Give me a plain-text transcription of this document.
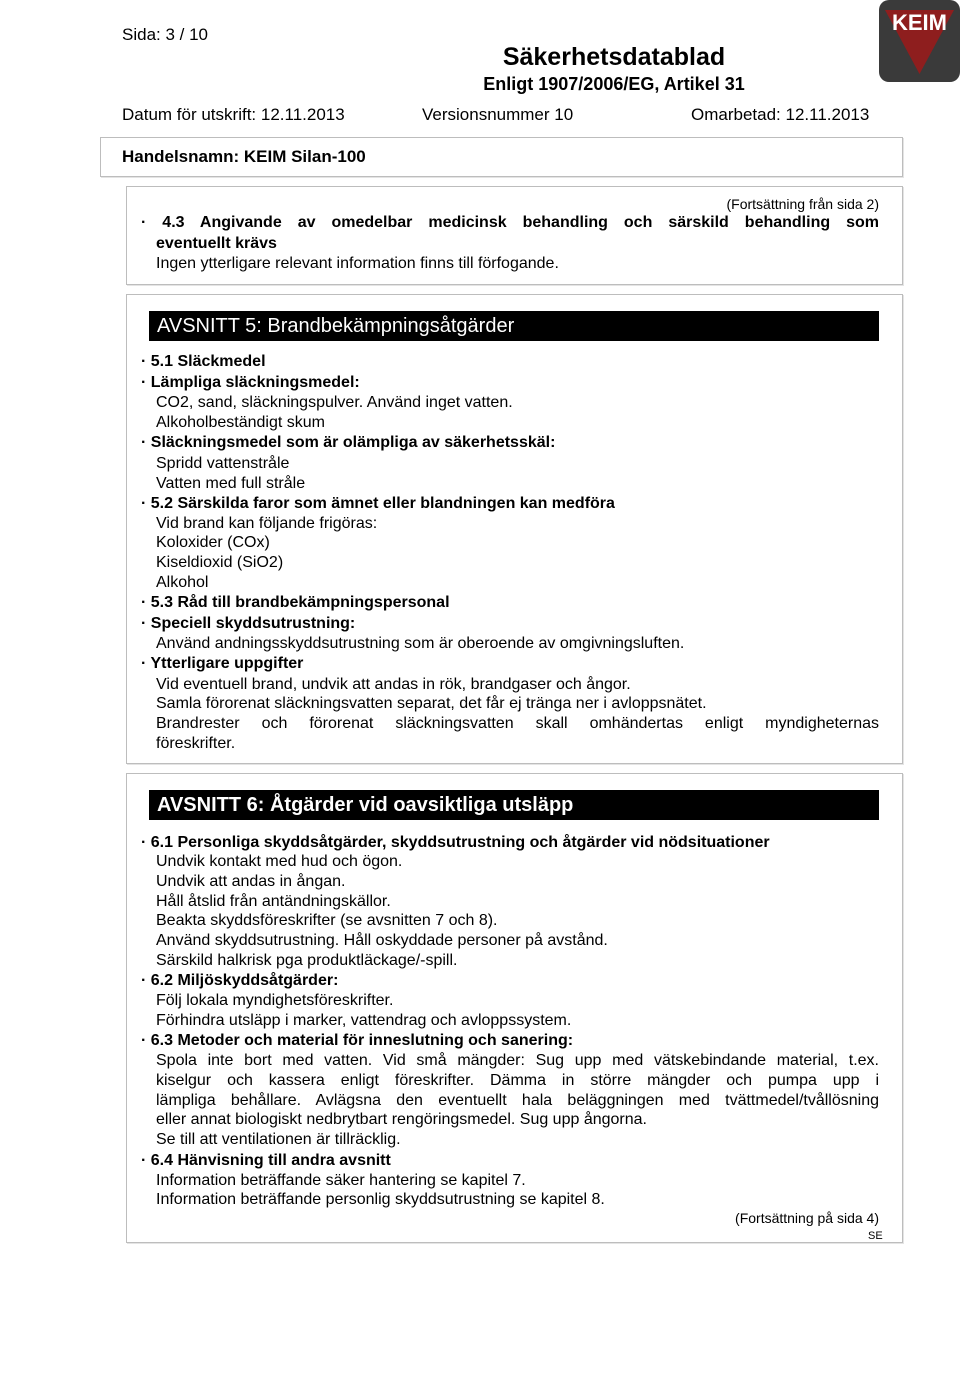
Sida: 3 / 10
Säkerhetsdatablad
Enligt 1907/2006/EG, Artikel 31
KEIM
Datum för utskrift: 12.11.2013	Versionsnummer 10	Omarbetad: 12.11.2013
Handelsnamn: KEIM Silan-100
(Fortsättning från sida 2)
· 4.3 Angivande av omedelbar medicinsk behandling och särskild behandling som
eventuellt krävs
Ingen ytterligare relevant information finns till förfogande.
AVSNITT 5: Brandbekämpningsåtgärder
· 5.1 Släckmedel
· Lämpliga släckningsmedel:
CO2, sand, släckningspulver. Använd inget vatten.
Alkoholbeständigt skum
· Släckningsmedel som är olämpliga av säkerhetsskäl:
Spridd vattenstråle
Vatten med full stråle
· 5.2 Särskilda faror som ämnet eller blandningen kan medföra
Vid brand kan följande frigöras:
Koloxider (COx)
Kiseldioxid (SiO2)
Alkohol
· 5.3 Råd till brandbekämpningspersonal
· Speciell skyddsutrustning:
Använd andningsskyddsutrustning som är oberoende av omgivningsluften.
· Ytterligare uppgifter
Vid eventuell brand, undvik att andas in rök, brandgaser och ångor.
Samla förorenat släckningsvatten separat, det får ej tränga ner i avloppsnätet.
Brandrester och förorenat släckningsvatten skall omhändertas enligt myndigheternas
föreskrifter.
AVSNITT 6: Åtgärder vid oavsiktliga utsläpp
· 6.1 Personliga skyddsåtgärder, skyddsutrustning och åtgärder vid nödsituationer
Undvik kontakt med hud och ögon.
Undvik att andas in ångan.
Håll åtslid från antändningskällor.
Beakta skyddsföreskrifter (se avsnitten 7 och 8).
Använd skyddsutrustning. Håll oskyddade personer på avstånd.
Särskild halkrisk pga produktläckage/-spill.
· 6.2 Miljöskyddsåtgärder:
Följ lokala myndighetsföreskrifter.
Förhindra utsläpp i marker, vattendrag och avloppssystem.
· 6.3 Metoder och material för inneslutning och sanering:
Spola inte bort med vatten. Vid små mängder: Sug upp med vätskebindande material, t.ex.
kiselgur och kassera enligt föreskrifter. Dämma in större mängder och pumpa upp i
lämpliga behållare. Avlägsna den eventuellt hala beläggningen med tvättmedel/tvållösning
eller annat biologiskt nedbrytbart rengöringsmedel. Sug upp ångorna.
Se till att ventilationen är tillräcklig.
· 6.4 Hänvisning till andra avsnitt
Information beträffande säker hantering se kapitel 7.
Information beträffande personlig skyddsutrustning se kapitel 8.
(Fortsättning på sida 4)
SE
